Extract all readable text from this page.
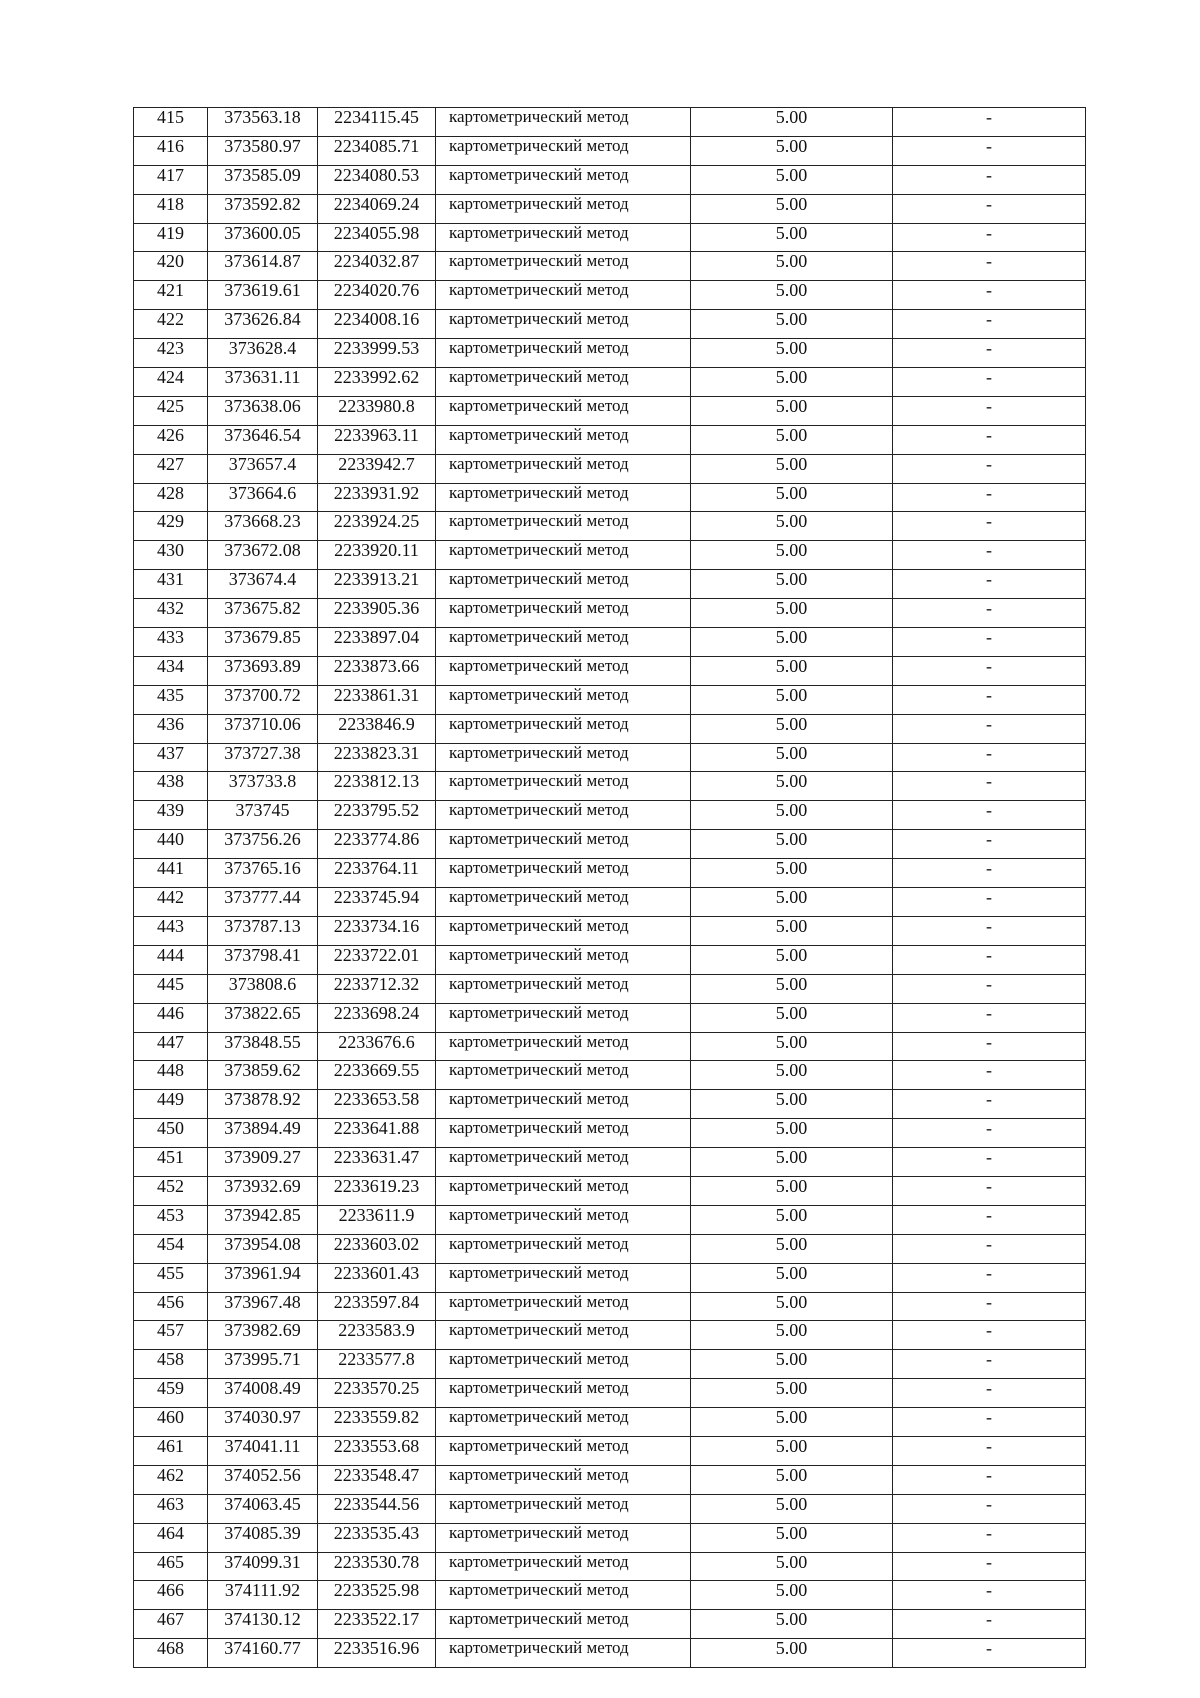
415	373563.18	2234115.45	картометрический метод	5.00	-
416	373580.97	2234085.71	картометрический метод	5.00	-
417	373585.09	2234080.53	картометрический метод	5.00	-
418	373592.82	2234069.24	картометрический метод	5.00	-
419	373600.05	2234055.98	картометрический метод	5.00	-
420	373614.87	2234032.87	картометрический метод	5.00	-
421	373619.61	2234020.76	картометрический метод	5.00	-
422	373626.84	2234008.16	картометрический метод	5.00	-
423	373628.4	2233999.53	картометрический метод	5.00	-
424	373631.11	2233992.62	картометрический метод	5.00	-
425	373638.06	2233980.8	картометрический метод	5.00	-
426	373646.54	2233963.11	картометрический метод	5.00	-
427	373657.4	2233942.7	картометрический метод	5.00	-
428	373664.6	2233931.92	картометрический метод	5.00	-
429	373668.23	2233924.25	картометрический метод	5.00	-
430	373672.08	2233920.11	картометрический метод	5.00	-
431	373674.4	2233913.21	картометрический метод	5.00	-
432	373675.82	2233905.36	картометрический метод	5.00	-
433	373679.85	2233897.04	картометрический метод	5.00	-
434	373693.89	2233873.66	картометрический метод	5.00	-
435	373700.72	2233861.31	картометрический метод	5.00	-
436	373710.06	2233846.9	картометрический метод	5.00	-
437	373727.38	2233823.31	картометрический метод	5.00	-
438	373733.8	2233812.13	картометрический метод	5.00	-
439	373745	2233795.52	картометрический метод	5.00	-
440	373756.26	2233774.86	картометрический метод	5.00	-
441	373765.16	2233764.11	картометрический метод	5.00	-
442	373777.44	2233745.94	картометрический метод	5.00	-
443	373787.13	2233734.16	картометрический метод	5.00	-
444	373798.41	2233722.01	картометрический метод	5.00	-
445	373808.6	2233712.32	картометрический метод	5.00	-
446	373822.65	2233698.24	картометрический метод	5.00	-
447	373848.55	2233676.6	картометрический метод	5.00	-
448	373859.62	2233669.55	картометрический метод	5.00	-
449	373878.92	2233653.58	картометрический метод	5.00	-
450	373894.49	2233641.88	картометрический метод	5.00	-
451	373909.27	2233631.47	картометрический метод	5.00	-
452	373932.69	2233619.23	картометрический метод	5.00	-
453	373942.85	2233611.9	картометрический метод	5.00	-
454	373954.08	2233603.02	картометрический метод	5.00	-
455	373961.94	2233601.43	картометрический метод	5.00	-
456	373967.48	2233597.84	картометрический метод	5.00	-
457	373982.69	2233583.9	картометрический метод	5.00	-
458	373995.71	2233577.8	картометрический метод	5.00	-
459	374008.49	2233570.25	картометрический метод	5.00	-
460	374030.97	2233559.82	картометрический метод	5.00	-
461	374041.11	2233553.68	картометрический метод	5.00	-
462	374052.56	2233548.47	картометрический метод	5.00	-
463	374063.45	2233544.56	картометрический метод	5.00	-
464	374085.39	2233535.43	картометрический метод	5.00	-
465	374099.31	2233530.78	картометрический метод	5.00	-
466	374111.92	2233525.98	картометрический метод	5.00	-
467	374130.12	2233522.17	картометрический метод	5.00	-
468	374160.77	2233516.96	картометрический метод	5.00	-
